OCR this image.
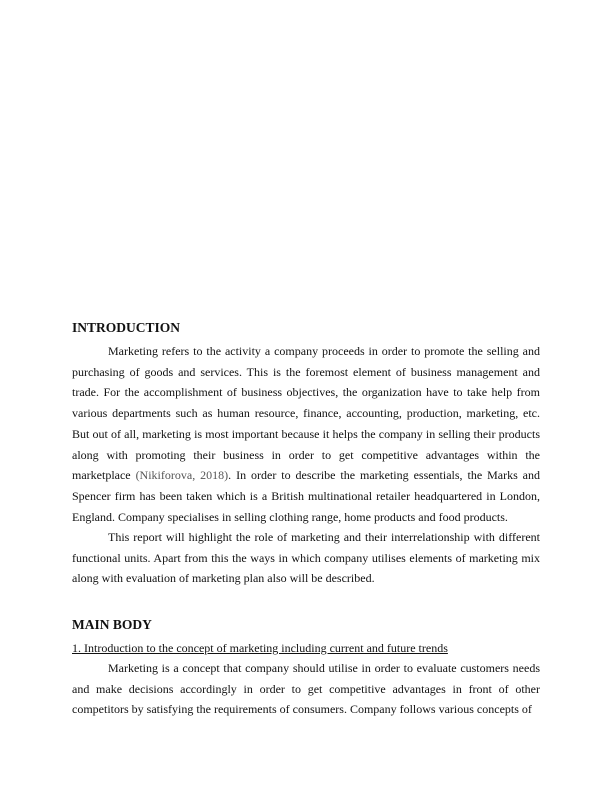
INTRODUCTION
Marketing refers to the activity a company proceeds in order to promote the selling and purchasing of goods and services. This is the foremost element of business management and trade. For the accomplishment of business objectives, the organization have to take help from various departments such as human resource, finance, accounting, production, marketing, etc. But out of all, marketing is most important because it helps the company in selling their products along with promoting their business in order to get competitive advantages within the marketplace (Nikiforova, 2018). In order to describe the marketing essentials, the Marks and Spencer firm has been taken which is a British multinational retailer headquartered in London, England. Company specialises in selling clothing range, home products and food products.
This report will highlight the role of marketing and their interrelationship with different functional units. Apart from this the ways in which company utilises elements of marketing mix along with evaluation of marketing plan also will be described.
MAIN BODY
1. Introduction to the concept of marketing including current and future trends
Marketing is a concept that company should utilise in order to evaluate customers needs and make decisions accordingly in order to get competitive advantages in front of other competitors by satisfying the requirements of consumers. Company follows various concepts of
